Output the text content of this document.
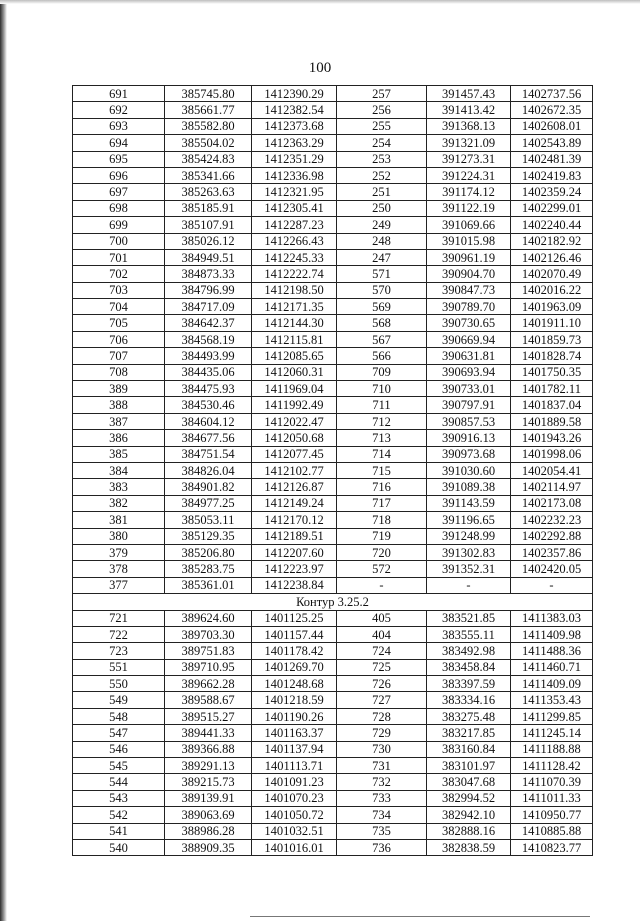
100
691	385745.80	1412390.29	257	391457.43	1402737.56
692	385661.77	1412382.54	256	391413.42	1402672.35
693	385582.80	1412373.68	255	391368.13	1402608.01
694	385504.02	1412363.29	254	391321.09	1402543.89
695	385424.83	1412351.29	253	391273.31	1402481.39
696	385341.66	1412336.98	252	391224.31	1402419.83
697	385263.63	1412321.95	251	391174.12	1402359.24
698	385185.91	1412305.41	250	391122.19	1402299.01
699	385107.91	1412287.23	249	391069.66	1402240.44
700	385026.12	1412266.43	248	391015.98	1402182.92
701	384949.51	1412245.33	247	390961.19	1402126.46
702	384873.33	1412222.74	571	390904.70	1402070.49
703	384796.99	1412198.50	570	390847.73	1402016.22
704	384717.09	1412171.35	569	390789.70	1401963.09
705	384642.37	1412144.30	568	390730.65	1401911.10
706	384568.19	1412115.81	567	390669.94	1401859.73
707	384493.99	1412085.65	566	390631.81	1401828.74
708	384435.06	1412060.31	709	390693.94	1401750.35
389	384475.93	1411969.04	710	390733.01	1401782.11
388	384530.46	1411992.49	711	390797.91	1401837.04
387	384604.12	1412022.47	712	390857.53	1401889.58
386	384677.56	1412050.68	713	390916.13	1401943.26
385	384751.54	1412077.45	714	390973.68	1401998.06
384	384826.04	1412102.77	715	391030.60	1402054.41
383	384901.82	1412126.87	716	391089.38	1402114.97
382	384977.25	1412149.24	717	391143.59	1402173.08
381	385053.11	1412170.12	718	391196.65	1402232.23
380	385129.35	1412189.51	719	391248.99	1402292.88
379	385206.80	1412207.60	720	391302.83	1402357.86
378	385283.75	1412223.97	572	391352.31	1402420.05
377	385361.01	1412238.84	-	-	-
Контур 3.25.2					
721	389624.60	1401125.25	405	383521.85	1411383.03
722	389703.30	1401157.44	404	383555.11	1411409.98
723	389751.83	1401178.42	724	383492.98	1411488.36
551	389710.95	1401269.70	725	383458.84	1411460.71
550	389662.28	1401248.68	726	383397.59	1411409.09
549	389588.67	1401218.59	727	383334.16	1411353.43
548	389515.27	1401190.26	728	383275.48	1411299.85
547	389441.33	1401163.37	729	383217.85	1411245.14
546	389366.88	1401137.94	730	383160.84	1411188.88
545	389291.13	1401113.71	731	383101.97	1411128.42
544	389215.73	1401091.23	732	383047.68	1411070.39
543	389139.91	1401070.23	733	382994.52	1411011.33
542	389063.69	1401050.72	734	382942.10	1410950.77
541	388986.28	1401032.51	735	382888.16	1410885.88
540	388909.35	1401016.01	736	382838.59	1410823.77
